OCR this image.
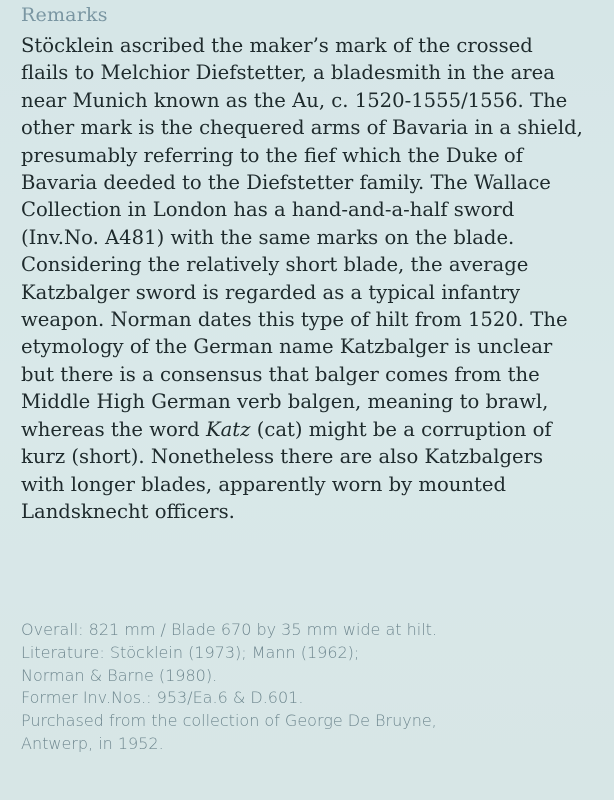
Remarks

Stöcklein ascribed the maker’s mark of the crossed
flails to Melchior Diefstetter, a bladesmith in the area
near Munich known as the Au, c. 1520-1555/1556. The
other mark is the chequered arms of Bavaria in a shield,
presumably referring to the fief which the Duke of
Bavaria deeded to the Diefstetter family. The Wallace
Collection in London has a hand-and-a-half sword
(Inv.No. A481) with the same marks on the blade.
Considering the relatively short blade, the average
Katzbalger sword is regarded as a typical infantry
weapon. Norman dates this type of hilt from 1520. The
etymology of the German name Katzbalger is unclear
but there is a consensus that balger comes from the
Middle High German verb balgen, meaning to brawl,
whereas the word Katz (cat) might be a corruption of
kurz (short). Nonetheless there are also Katzbalgers
with longer blades, apparently worn by mounted
Landsknecht officers.

Overall: 821 mm / Blade 670 by 35 mm wide at hilt.
Literature: Stöcklein (1973); Mann (1962);
Norman & Barne (1980).
Former Inv.Nos.: 953/Ea.6 & D.601.
Purchased from the collection of George De Bruyne,
Antwerp, in 1952.
